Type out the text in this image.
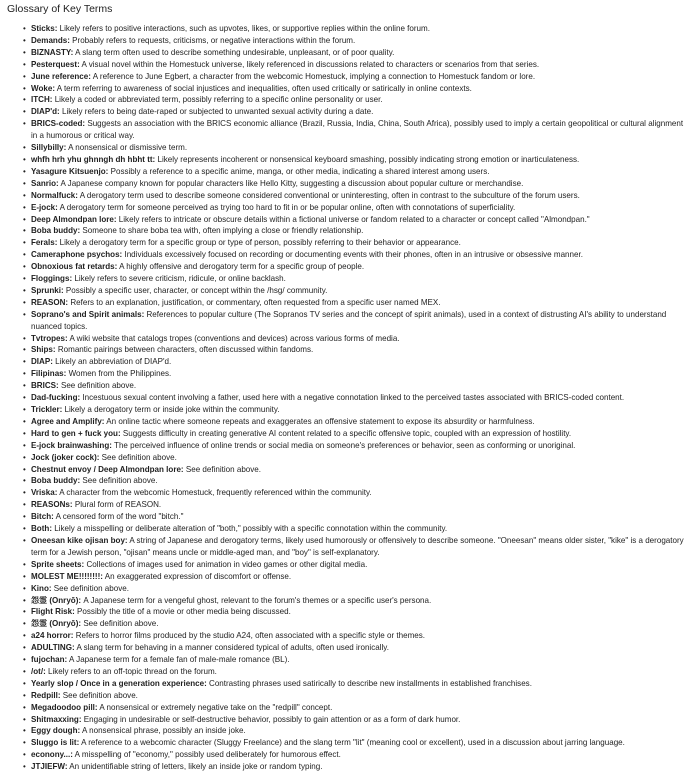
Glossary of Key Terms
• Sticks: Likely refers to positive interactions, such as upvotes, likes, or supportive replies within the online forum.
• Demands: Probably refers to requests, criticisms, or negative interactions within the forum.
• BIZNASTY: A slang term often used to describe something undesirable, unpleasant, or of poor quality.
• Pesterquest: A visual novel within the Homestuck universe, likely referenced in discussions related to characters or scenarios from that series.
• June reference: A reference to June Egbert, a character from the webcomic Homestuck, implying a connection to Homestuck fandom or lore.
• Woke: A term referring to awareness of social injustices and inequalities, often used critically or satirically in online contexts.
• ITCH: Likely a coded or abbreviated term, possibly referring to a specific online personality or user.
• DIAP'd: Likely refers to being date-raped or subjected to unwanted sexual activity during a date.
• BRICS-coded: Suggests an association with the BRICS economic alliance (Brazil, Russia, India, China, South Africa), possibly used to imply a certain geopolitical or cultural alignment in a humorous or critical way.
• Sillybilly: A nonsensical or dismissive term.
• whfh hrh yhu ghnngh dh hbht tt: Likely represents incoherent or nonsensical keyboard smashing, possibly indicating strong emotion or inarticulateness.
• Yasagure Kitsuenjo: Possibly a reference to a specific anime, manga, or other media, indicating a shared interest among users.
• Sanrio: A Japanese company known for popular characters like Hello Kitty, suggesting a discussion about popular culture or merchandise.
• Normalfuck: A derogatory term used to describe someone considered conventional or uninteresting, often in contrast to the subculture of the forum users.
• E-jock: A derogatory term for someone perceived as trying too hard to fit in or be popular online, often with connotations of superficiality.
• Deep Almondpan lore: Likely refers to intricate or obscure details within a fictional universe or fandom related to a character or concept called "Almondpan."
• Boba buddy: Someone to share boba tea with, often implying a close or friendly relationship.
• Ferals: Likely a derogatory term for a specific group or type of person, possibly referring to their behavior or appearance.
• Cameraphone psychos: Individuals excessively focused on recording or documenting events with their phones, often in an intrusive or obsessive manner.
• Obnoxious fat retards: A highly offensive and derogatory term for a specific group of people.
• Floggings: Likely refers to severe criticism, ridicule, or online backlash.
• Sprunki: Possibly a specific user, character, or concept within the /hsg/ community.
• REASON: Refers to an explanation, justification, or commentary, often requested from a specific user named MEX.
• Soprano's and Spirit animals: References to popular culture (The Sopranos TV series and the concept of spirit animals), used in a context of distrusting AI's ability to understand nuanced topics.
• Tvtropes: A wiki website that catalogs tropes (conventions and devices) across various forms of media.
• Ships: Romantic pairings between characters, often discussed within fandoms.
• DIAP: Likely an abbreviation of DIAP'd.
• Filipinas: Women from the Philippines.
• BRICS: See definition above.
• Dad-fucking: Incestuous sexual content involving a father, used here with a negative connotation linked to the perceived tastes associated with BRICS-coded content.
• Trickler: Likely a derogatory term or inside joke within the community.
• Agree and Amplify: An online tactic where someone repeats and exaggerates an offensive statement to expose its absurdity or harmfulness.
• Hard to gen + fuck you: Suggests difficulty in creating generative AI content related to a specific offensive topic, coupled with an expression of hostility.
• E-jock brainwashing: The perceived influence of online trends or social media on someone's preferences or behavior, seen as conforming or unoriginal.
• Jock (joker cock): See definition above.
• Chestnut envoy / Deep Almondpan lore: See definition above.
• Boba buddy: See definition above.
• Vriska: A character from the webcomic Homestuck, frequently referenced within the community.
• REASONs: Plural form of REASON.
• Bitch: A censored form of the word "bitch."
• Both: Likely a misspelling or deliberate alteration of "both," possibly with a specific connotation within the community.
• Oneesan kike ojisan boy: A string of Japanese and derogatory terms, likely used humorously or offensively to describe someone. "Oneesan" means older sister, "kike" is a derogatory term for a Jewish person, "ojisan" means uncle or middle-aged man, and "boy" is self-explanatory.
• Sprite sheets: Collections of images used for animation in video games or other digital media.
• MOLEST ME!!!!!!!!: An exaggerated expression of discomfort or offense.
• Kino: See definition above.
• 怨霊 (Onryō): A Japanese term for a vengeful ghost, relevant to the forum's themes or a specific user's persona.
• Flight Risk: Possibly the title of a movie or other media being discussed.
• 怨霊 (Onryō): See definition above.
• a24 horror: Refers to horror films produced by the studio A24, often associated with a specific style or themes.
• ADULTING: A slang term for behaving in a manner considered typical of adults, often used ironically.
• fujochan: A Japanese term for a female fan of male-male romance (BL).
• /ot/: Likely refers to an off-topic thread on the forum.
• Yearly slop / Once in a generation experience: Contrasting phrases used satirically to describe new installments in established franchises.
• Redpill: See definition above.
• Megadoodoo pill: A nonsensical or extremely negative take on the "redpill" concept.
• Shitmaxxing: Engaging in undesirable or self-destructive behavior, possibly to gain attention or as a form of dark humor.
• Eggy dough: A nonsensical phrase, possibly an inside joke.
• Sluggo is lit: A reference to a webcomic character (Sluggy Freelance) and the slang term "lit" (meaning cool or excellent), used in a discussion about jarring language.
• econony...: A misspelling of "economy," possibly used deliberately for humorous effect.
• JTJIEFW: An unidentifiable string of letters, likely an inside joke or random typing.
